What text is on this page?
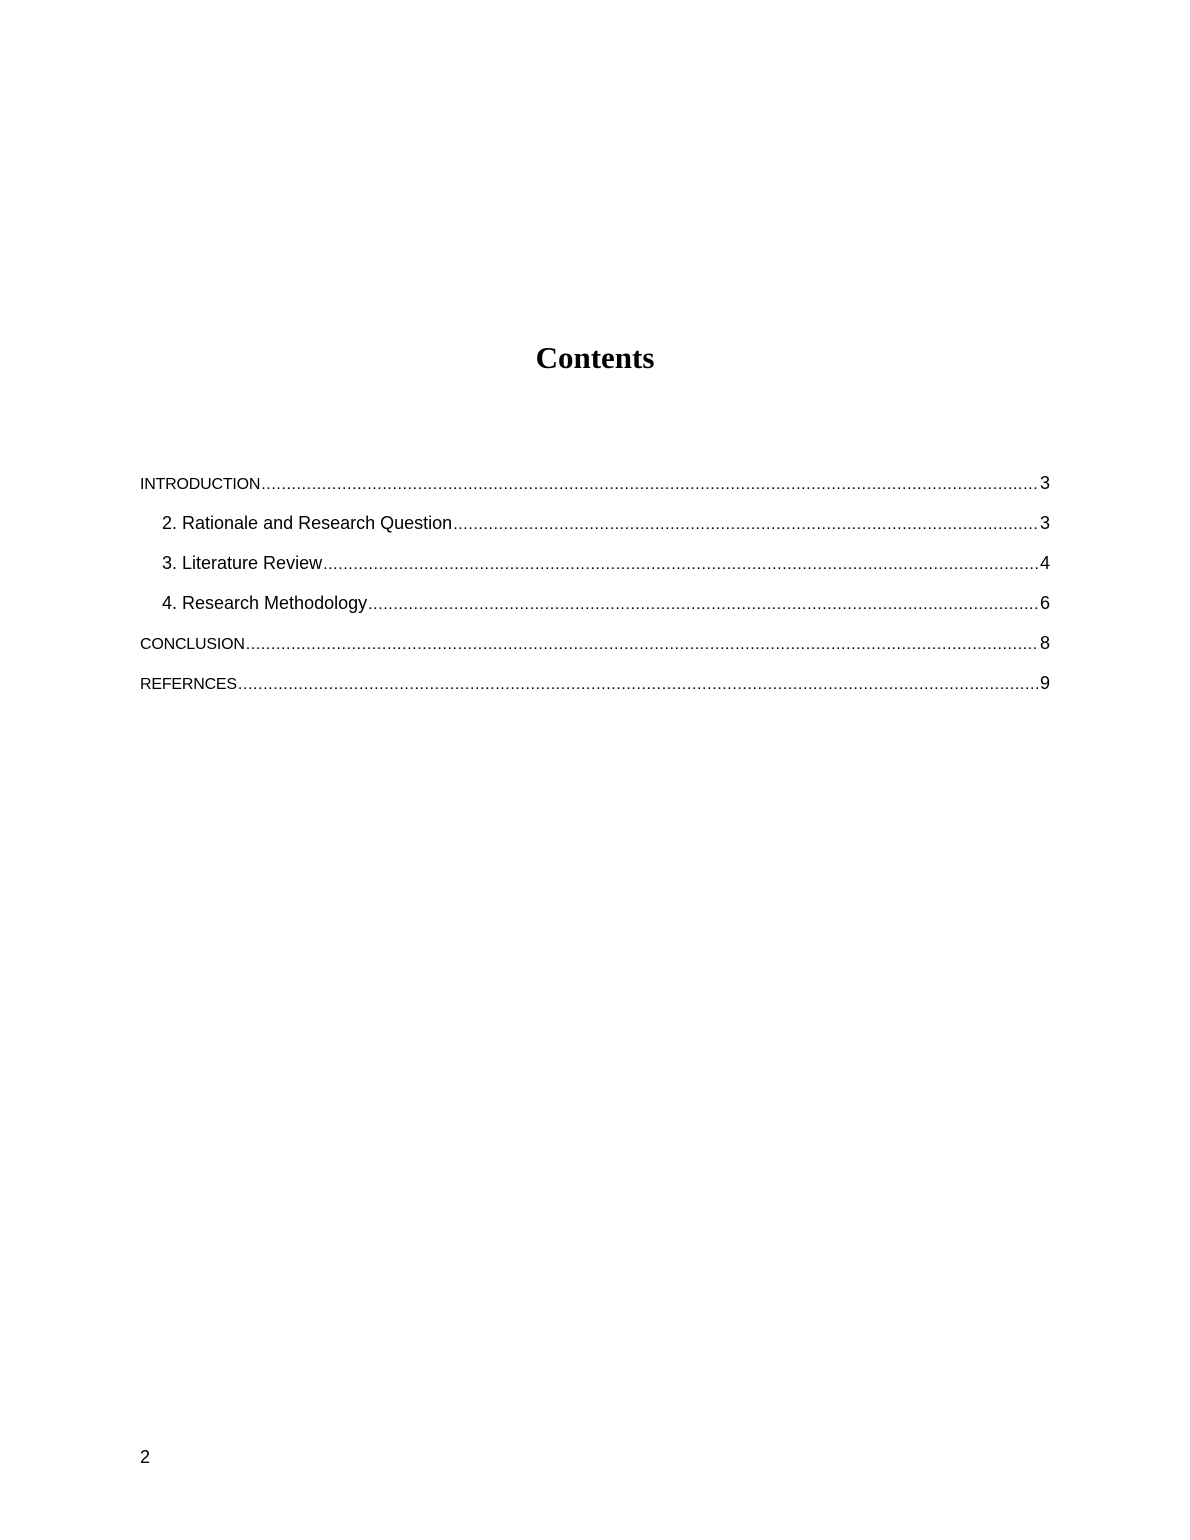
Contents
INTRODUCTION .....	3
2. Rationale and Research Question .....	3
3. Literature Review .....	4
4. Research Methodology .....	6
CONCLUSION .....	8
REFERNCES .....	9
2
